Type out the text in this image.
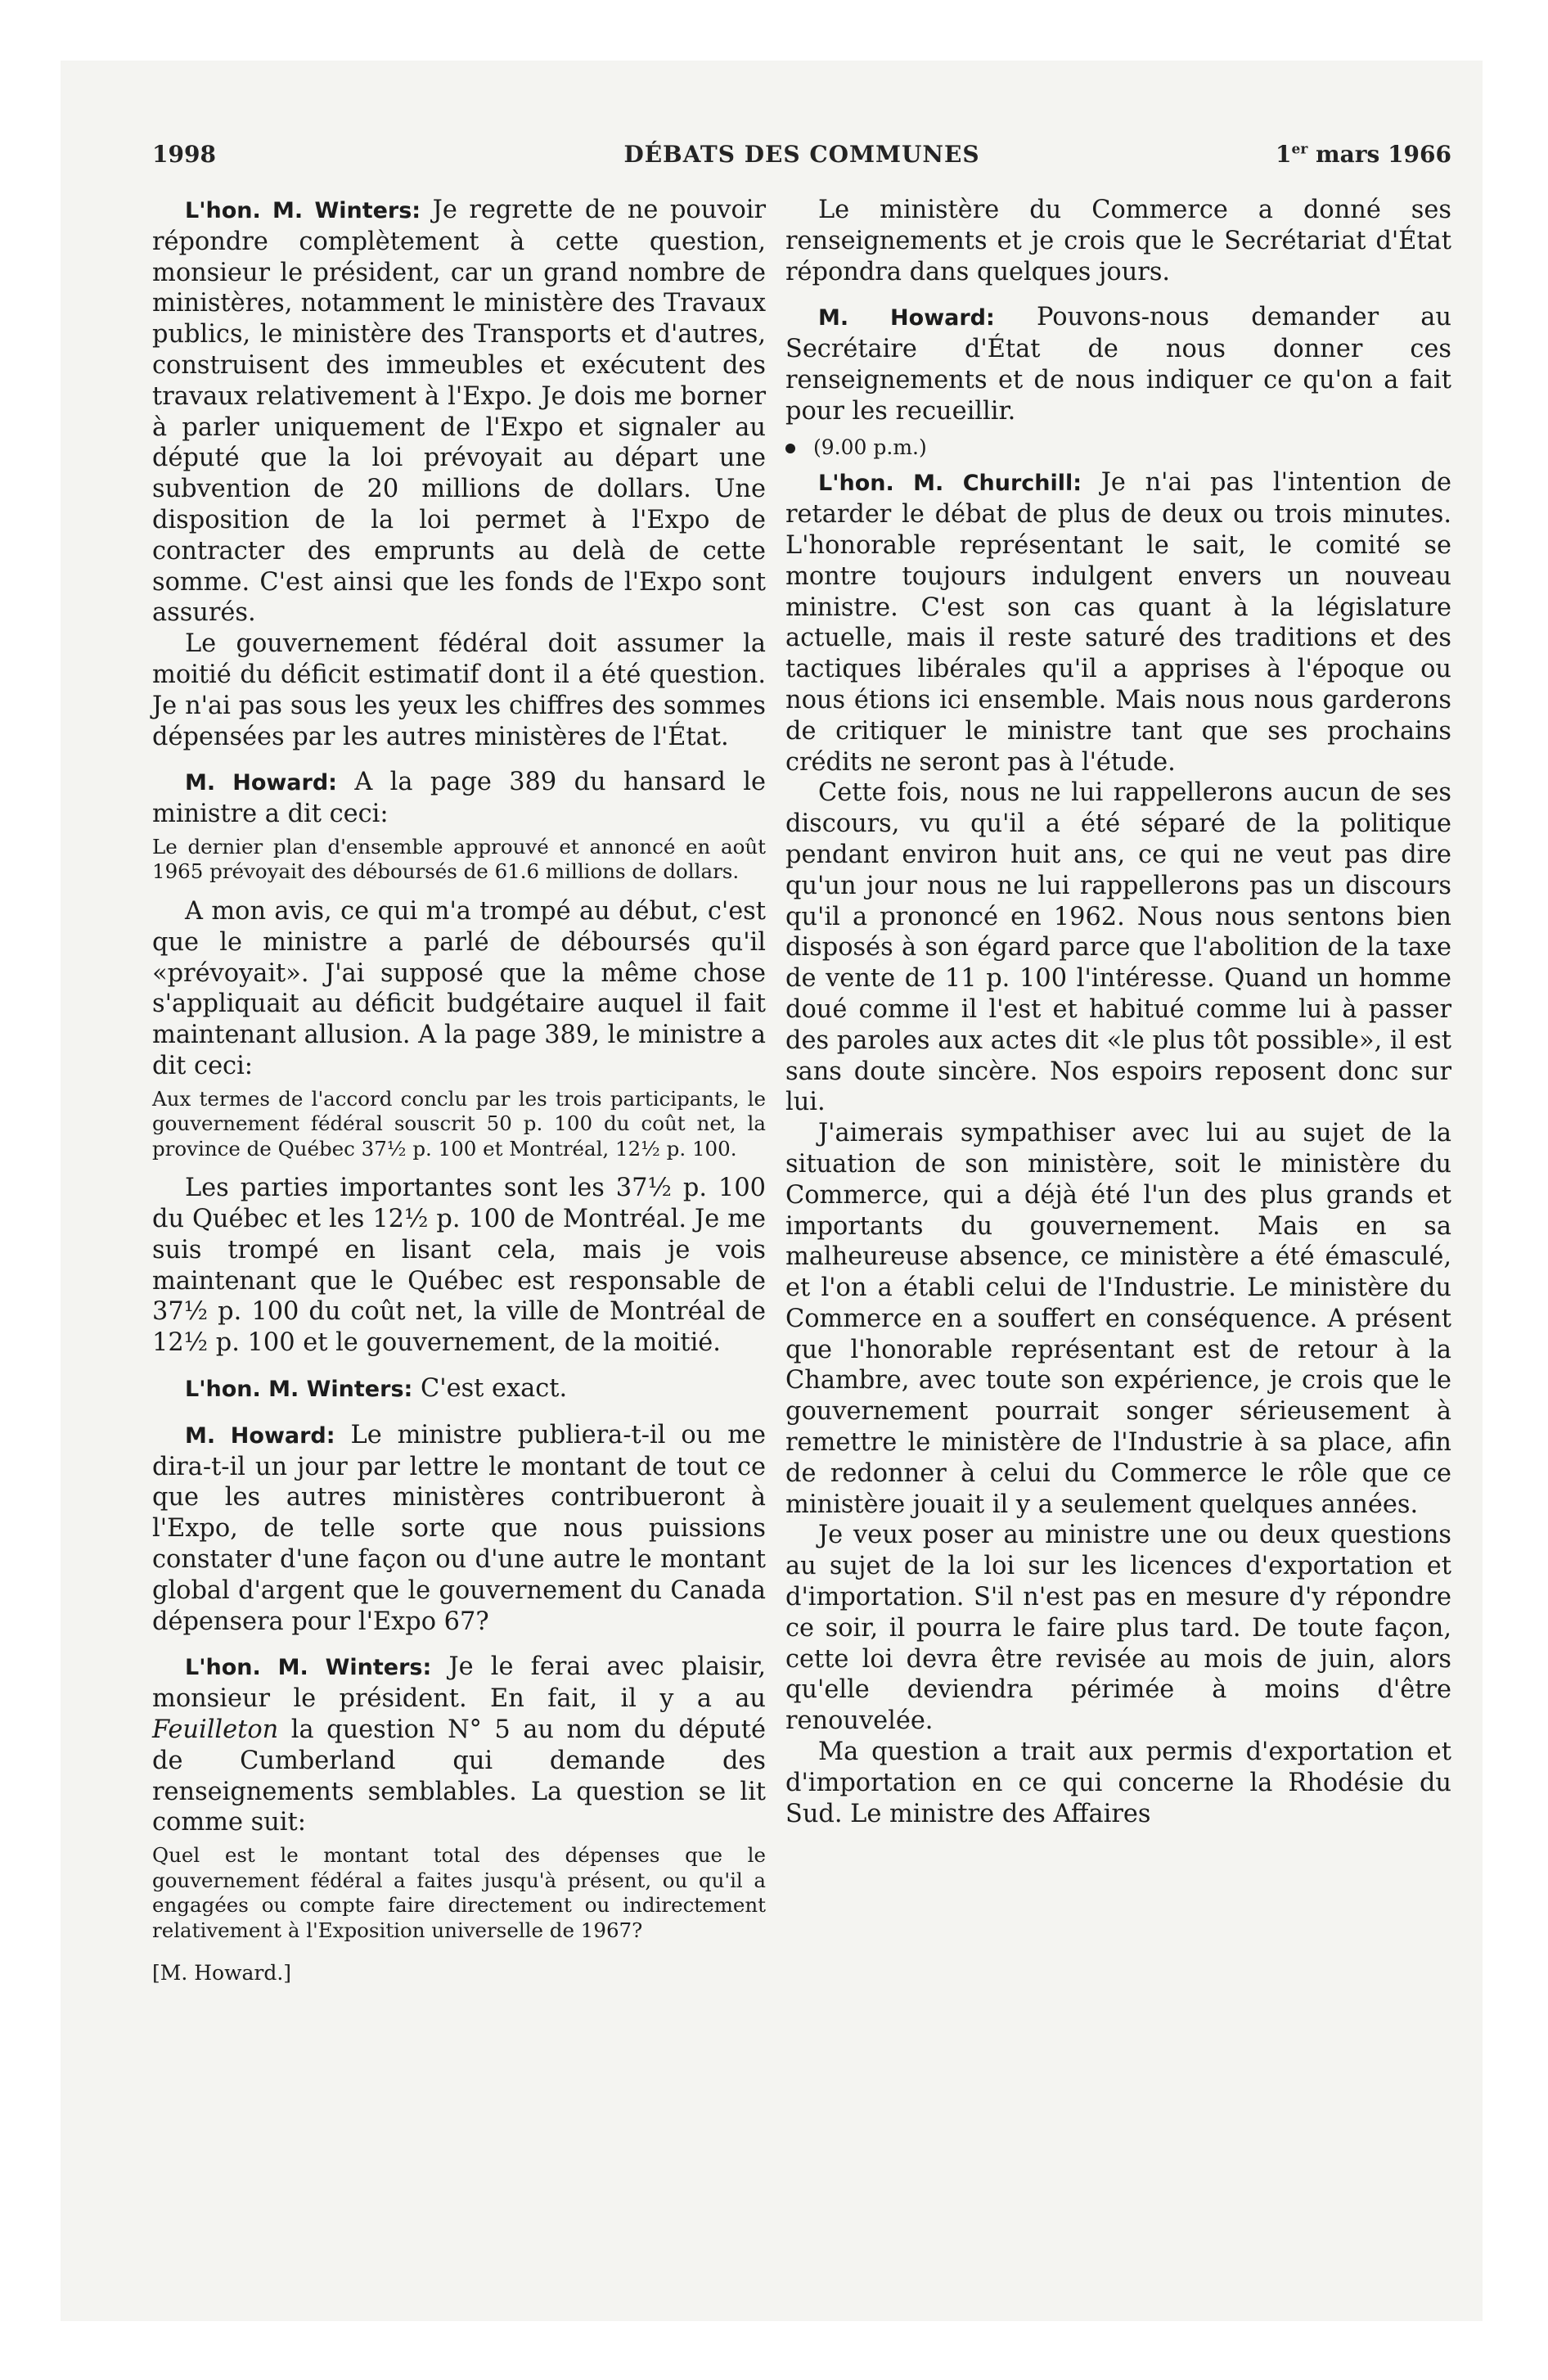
1998	DÉBATS DES COMMUNES	1er mars 1966

L'hon. M. Winters: Je regrette de ne pouvoir répondre complètement à cette question, monsieur le président, car un grand nombre de ministères, notamment le ministère des Travaux publics, le ministère des Transports et d'autres, construisent des immeubles et exécutent des travaux relativement à l'Expo. Je dois me borner à parler uniquement de l'Expo et signaler au député que la loi prévoyait au départ une subvention de 20 millions de dollars. Une disposition de la loi permet à l'Expo de contracter des emprunts au delà de cette somme. C'est ainsi que les fonds de l'Expo sont assurés.

Le gouvernement fédéral doit assumer la moitié du déficit estimatif dont il a été question. Je n'ai pas sous les yeux les chiffres des sommes dépensées par les autres ministères de l'État.

M. Howard: A la page 389 du hansard le ministre a dit ceci:

Le dernier plan d'ensemble approuvé et annoncé en août 1965 prévoyait des déboursés de 61.6 millions de dollars.

A mon avis, ce qui m'a trompé au début, c'est que le ministre a parlé de déboursés qu'il «prévoyait». J'ai supposé que la même chose s'appliquait au déficit budgétaire auquel il fait maintenant allusion. A la page 389, le ministre a dit ceci:

Aux termes de l'accord conclu par les trois participants, le gouvernement fédéral souscrit 50 p. 100 du coût net, la province de Québec 37½ p. 100 et Montréal, 12½ p. 100.

Les parties importantes sont les 37½ p. 100 du Québec et les 12½ p. 100 de Montréal. Je me suis trompé en lisant cela, mais je vois maintenant que le Québec est responsable de 37½ p. 100 du coût net, la ville de Montréal de 12½ p. 100 et le gouvernement, de la moitié.

L'hon. M. Winters: C'est exact.

M. Howard: Le ministre publiera-t-il ou me dira-t-il un jour par lettre le montant de tout ce que les autres ministères contribueront à l'Expo, de telle sorte que nous puissions constater d'une façon ou d'une autre le montant global d'argent que le gouvernement du Canada dépensera pour l'Expo 67?

L'hon. M. Winters: Je le ferai avec plaisir, monsieur le président. En fait, il y a au Feuilleton la question N° 5 au nom du député de Cumberland qui demande des renseignements semblables. La question se lit comme suit:

Quel est le montant total des dépenses que le gouvernement fédéral a faites jusqu'à présent, ou qu'il a engagées ou compte faire directement ou indirectement relativement à l'Exposition universelle de 1967?

[M. Howard.]

Le ministère du Commerce a donné ses renseignements et je crois que le Secrétariat d'État répondra dans quelques jours.

M. Howard: Pouvons-nous demander au Secrétaire d'État de nous donner ces renseignements et de nous indiquer ce qu'on a fait pour les recueillir.

(9.00 p.m.)

L'hon. M. Churchill: Je n'ai pas l'intention de retarder le débat de plus de deux ou trois minutes. L'honorable représentant le sait, le comité se montre toujours indulgent envers un nouveau ministre. C'est son cas quant à la législature actuelle, mais il reste saturé des traditions et des tactiques libérales qu'il a apprises à l'époque ou nous étions ici ensemble. Mais nous nous garderons de critiquer le ministre tant que ses prochains crédits ne seront pas à l'étude.

Cette fois, nous ne lui rappellerons aucun de ses discours, vu qu'il a été séparé de la politique pendant environ huit ans, ce qui ne veut pas dire qu'un jour nous ne lui rappellerons pas un discours qu'il a prononcé en 1962. Nous nous sentons bien disposés à son égard parce que l'abolition de la taxe de vente de 11 p. 100 l'intéresse. Quand un homme doué comme il l'est et habitué comme lui à passer des paroles aux actes dit «le plus tôt possible», il est sans doute sincère. Nos espoirs reposent donc sur lui.

J'aimerais sympathiser avec lui au sujet de la situation de son ministère, soit le ministère du Commerce, qui a déjà été l'un des plus grands et importants du gouvernement. Mais en sa malheureuse absence, ce ministère a été émasculé, et l'on a établi celui de l'Industrie. Le ministère du Commerce en a souffert en conséquence. A présent que l'honorable représentant est de retour à la Chambre, avec toute son expérience, je crois que le gouvernement pourrait songer sérieusement à remettre le ministère de l'Industrie à sa place, afin de redonner à celui du Commerce le rôle que ce ministère jouait il y a seulement quelques années.

Je veux poser au ministre une ou deux questions au sujet de la loi sur les licences d'exportation et d'importation. S'il n'est pas en mesure d'y répondre ce soir, il pourra le faire plus tard. De toute façon, cette loi devra être revisée au mois de juin, alors qu'elle deviendra périmée à moins d'être renouvelée.

Ma question a trait aux permis d'exportation et d'importation en ce qui concerne la Rhodésie du Sud. Le ministre des Affaires
